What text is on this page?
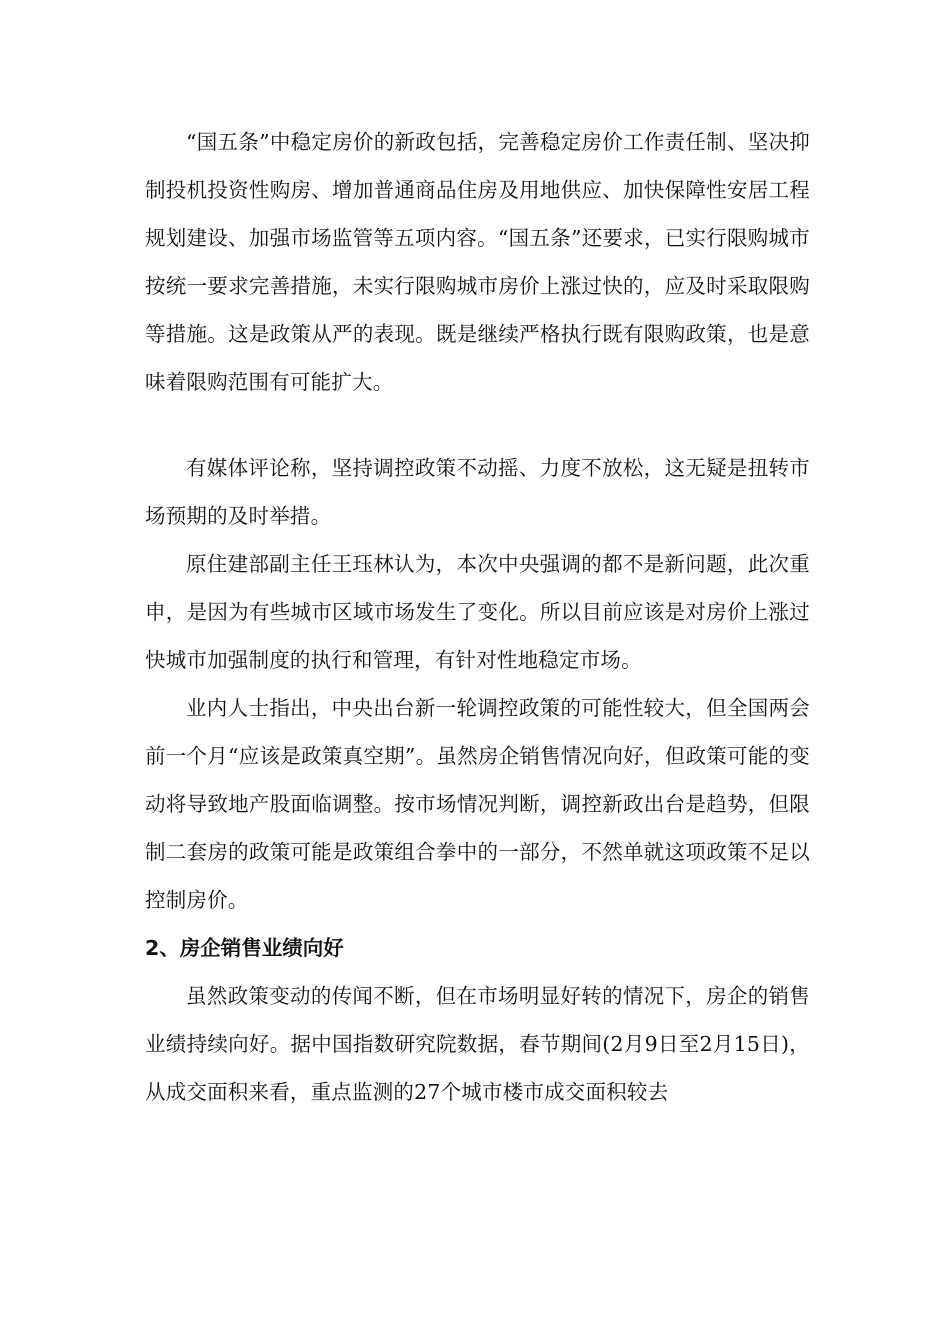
“国五条”中稳定房价的新政包括，完善稳定房价工作责任制、坚决抑制投机投资性购房、增加普通商品住房及用地供应、加快保障性安居工程规划建设、加强市场监管等五项内容。“国五条”还要求，已实行限购城市按统一要求完善措施，未实行限购城市房价上涨过快的，应及时采取限购等措施。这是政策从严的表现。既是继续严格执行既有限购政策，也是意味着限购范围有可能扩大。

有媒体评论称，坚持调控政策不动摇、力度不放松，这无疑是扭转市场预期的及时举措。

原住建部副主任王珏林认为，本次中央强调的都不是新问题，此次重申，是因为有些城市区域市场发生了变化。所以目前应该是对房价上涨过快城市加强制度的执行和管理，有针对性地稳定市场。

业内人士指出，中央出台新一轮调控政策的可能性较大，但全国两会前一个月“应该是政策真空期”。虽然房企销售情况向好，但政策可能的变动将导致地产股面临调整。按市场情况判断，调控新政出台是趋势，但限制二套房的政策可能是政策组合拳中的一部分，不然单就这项政策不足以控制房价。

2、房企销售业绩向好

虽然政策变动的传闻不断，但在市场明显好转的情况下，房企的销售业绩持续向好。据中国指数研究院数据，春节期间(2月9日至2月15日)，从成交面积来看，重点监测的27个城市楼市成交面积较去
